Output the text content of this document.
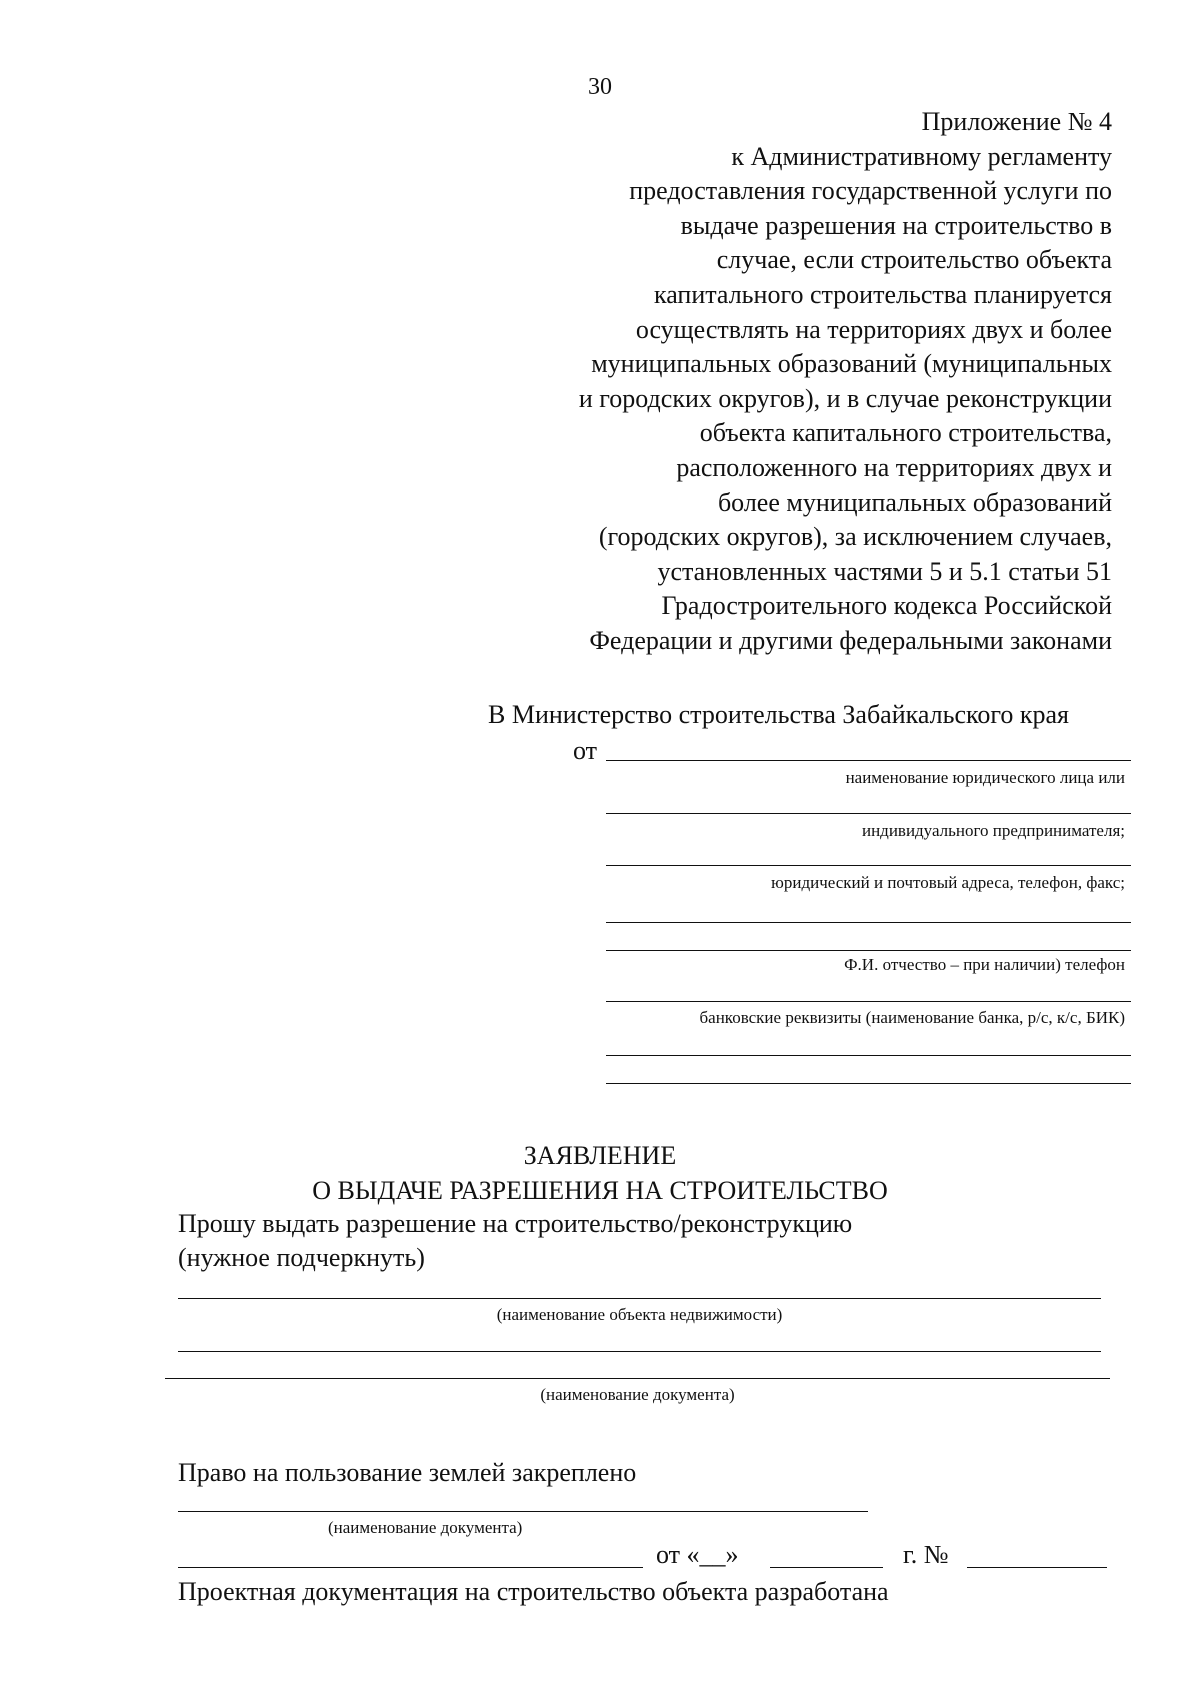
30
Приложение № 4
к Административному регламенту
предоставления государственной услуги по
выдаче разрешения на строительство в
случае, если строительство объекта
капитального строительства планируется
осуществлять на территориях двух и более
муниципальных образований (муниципальных
и городских округов), и в случае реконструкции
объекта капитального строительства,
расположенного на территориях двух и
более муниципальных образований
(городских округов), за исключением случаев,
установленных частями 5 и 5.1 статьи 51
Градостроительного кодекса Российской
Федерации и другими федеральными законами
В Министерство строительства Забайкальского края
от
наименование юридического лица или
индивидуального предпринимателя;
юридический и почтовый адреса, телефон, факс;
Ф.И. отчество – при наличии) телефон
банковские реквизиты (наименование банка, р/с, к/с, БИК)
ЗАЯВЛЕНИЕ
О ВЫДАЧЕ РАЗРЕШЕНИЯ НА СТРОИТЕЛЬСТВО
Прошу выдать разрешение на строительство/реконструкцию
(нужное подчеркнуть)
(наименование объекта недвижимости)
(наименование документа)
Право на пользование землей закреплено
(наименование документа)
от «__»	г. №
Проектная документация на строительство объекта разработана
